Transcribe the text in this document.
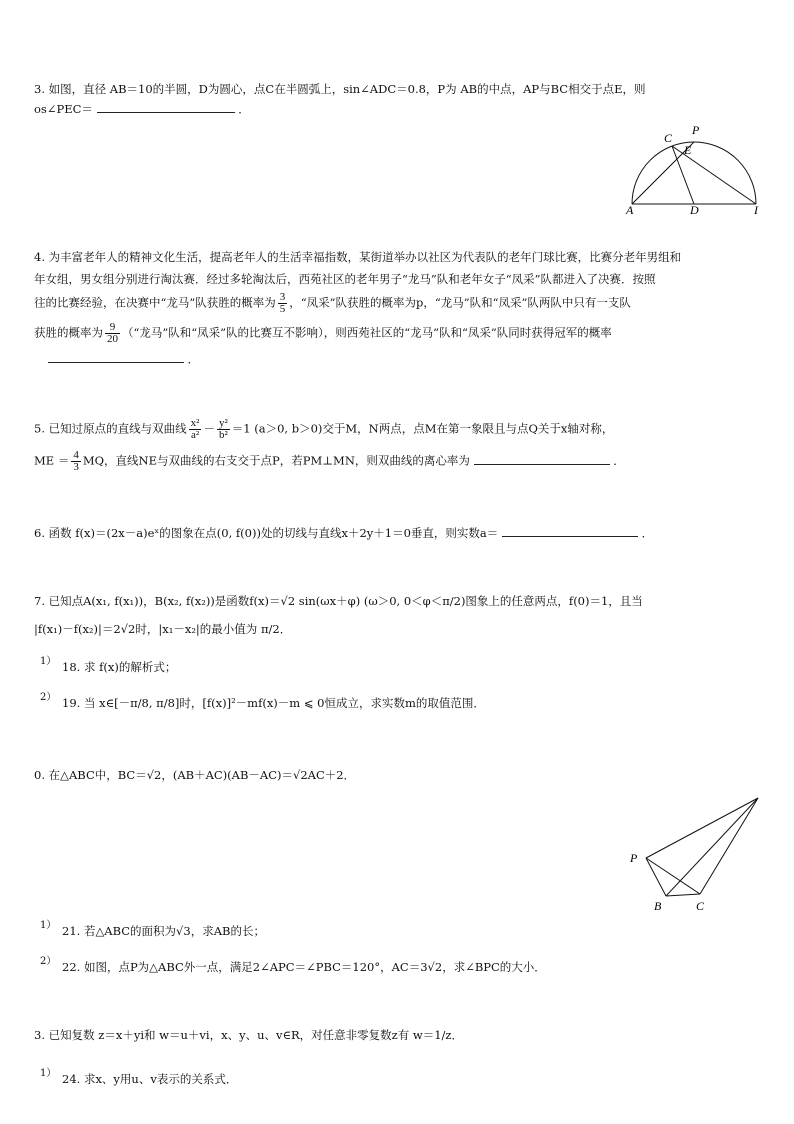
3. 如图，直径 AB＝10的半圆，D为圆心，点C在半圆弧上，sin∠ADC＝0.8，P为 AB的中点，AP与BC相交于点E，则
os∠PEC＝	．
C
P
E
A	D	I
4. 为丰富老年人的精神文化生活，提高老年人的生活幸福指数，某街道举办以社区为代表队的老年门球比赛，比赛分老年男组和
年女组，男女组分别进行淘汰赛．经过多轮淘汰后，西苑社区的老年男子“龙马”队和老年女子“凤采”队都进入了决赛．按照
往的比赛经验，在决赛中“龙马”队获胜的概率为 $\frac{3}{5}$ ，“凤采”队获胜的概率为p，“龙马”队和“凤采”队两队中只有一支队
获胜的概率为 $\frac{9}{20}$ （“龙马”队和“凤采”队的比赛互不影响），则西苑社区的“龙马”队和“凤采”队同时获得冠军的概率
．
5. 已知过原点的直线与双曲线 $\frac{\text{x²}}{\text{a²}} - \frac{\text{y²}}{\text{b²}} =1$ (a＞0, b＞0)交于M，N两点，点M在第一象限且与点Q关于x轴对称，
ME ＝ $\frac{4}{3}$ MQ，直线NE与双曲线的右支交于点P，若PM⊥MN，则双曲线的离心率为	．
6. 函数 f(x)＝(2x－a)eˣ的图象在点(0, f(0))处的切线与直线x＋2y＋1＝0垂直，则实数a＝	．
7. 已知点A(x₁, f(x₁))，B(x₂, f(x₂))是函数f(x)＝√2 sin(ωx＋φ) (ω＞0, 0＜φ＜π/2)图象上的任意两点，f(0)＝1，且当
|f(x₁)－f(x₂)|＝2√2时，|x₁－x₂|的最小值为 π/2．
1） 18. 求 f(x)的解析式；
2） 19. 当 x∈[－π/8, π/8]时，[f(x)]²－mf(x)－m ⩽ 0恒成立，求实数m的取值范围．
0. 在△ABC中，BC＝√2，(AB＋AC)(AB－AC)＝√2AC＋2．
P
B	C
1） 21. 若△ABC的面积为√3，求AB的长；
2） 22. 如图，点P为△ABC外一点，满足2∠APC＝∠PBC＝120°，AC＝3√2，求∠BPC的大小．
3. 已知复数 z＝x＋yi和 w＝u＋vi，x、y、u、v∈R，对任意非零复数z有 w＝1/z．
1） 24. 求x、y用u、v表示的关系式．
